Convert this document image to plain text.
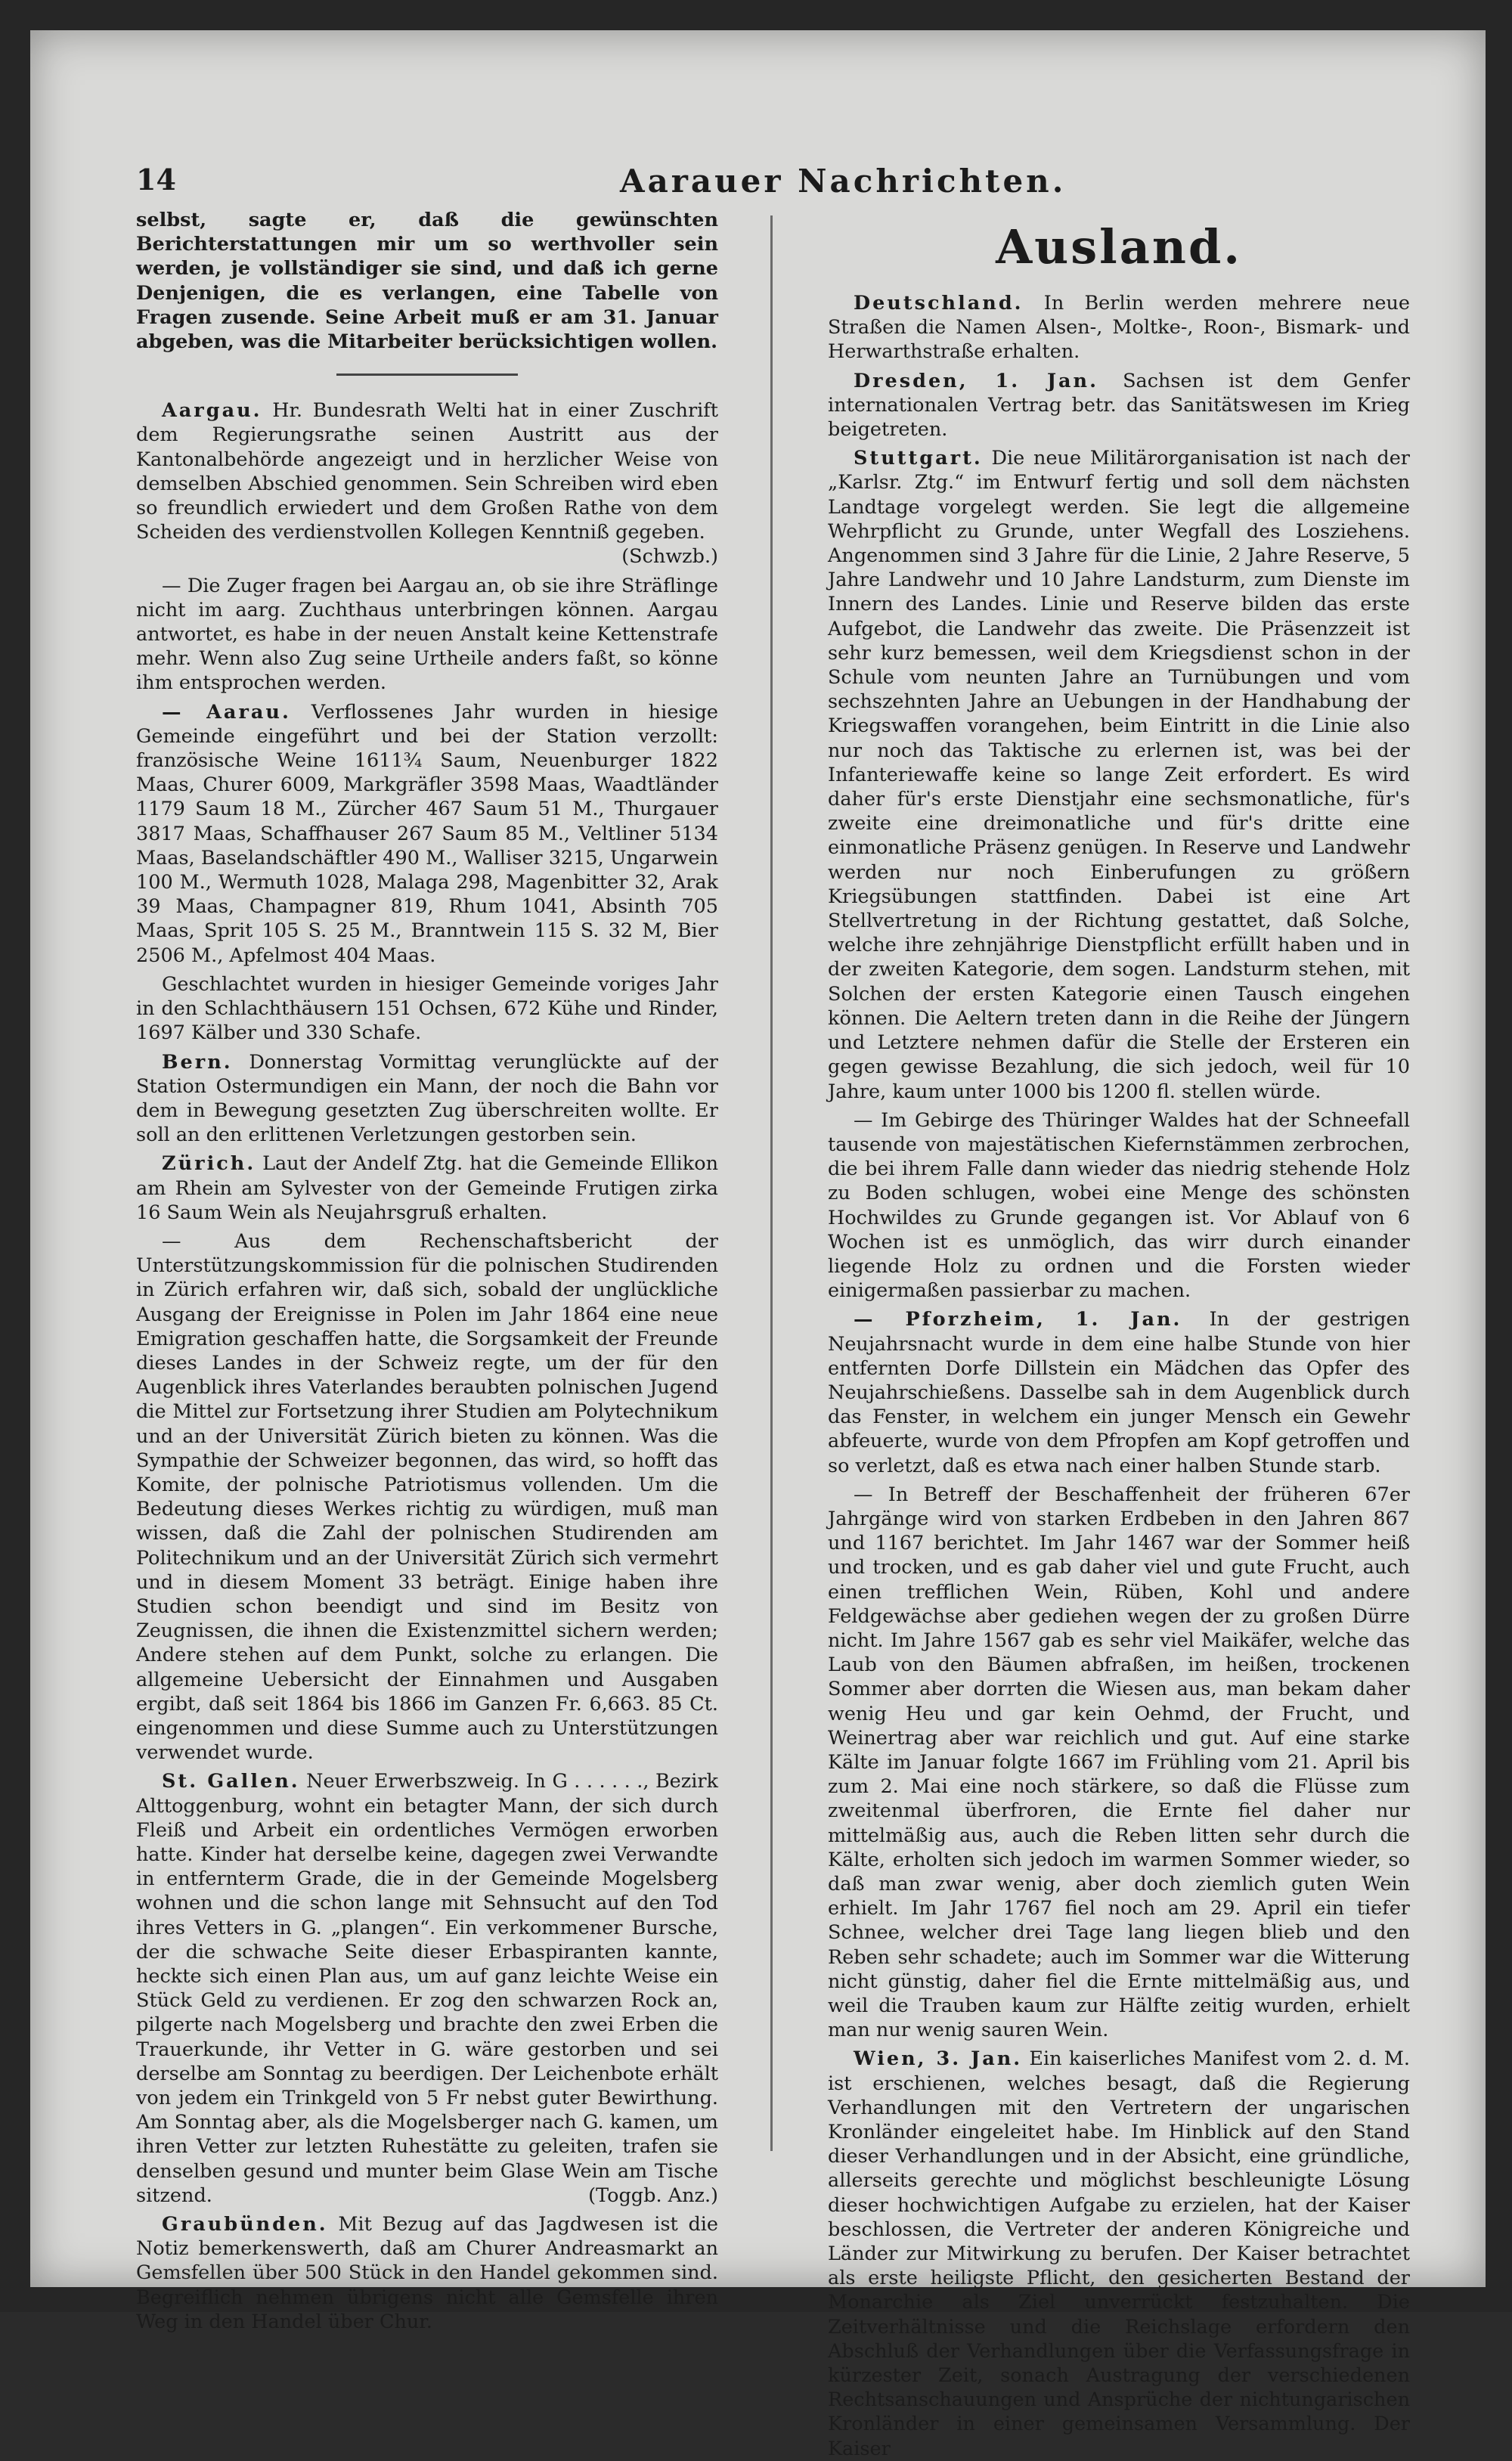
14	Aarauer Nachrichten.

selbst, sagte er, daß die gewünschten Berichterstattungen mir um so werthvoller sein werden, je vollständiger sie sind, und daß ich gerne Denjenigen, die es verlangen, eine Tabelle von Fragen zusende. Seine Arbeit muß er am 31. Januar abgeben, was die Mitarbeiter berücksichtigen wollen.

Aargau. Hr. Bundesrath Welti hat in einer Zuschrift dem Regierungsrathe seinen Austritt aus der Kantonalbehörde angezeigt und in herzlicher Weise von demselben Abschied genommen. Sein Schreiben wird eben so freundlich erwiedert und dem Großen Rathe von dem Scheiden des verdienstvollen Kollegen Kenntniß gegeben.
(Schwzb.)

— Die Zuger fragen bei Aargau an, ob sie ihre Sträflinge nicht im aarg. Zuchthaus unterbringen können. Aargau antwortet, es habe in der neuen Anstalt keine Kettenstrafe mehr. Wenn also Zug seine Urtheile anders faßt, so könne ihm entsprochen werden.

— Aarau. Verflossenes Jahr wurden in hiesige Gemeinde eingeführt und bei der Station verzollt: französische Weine 1611¾ Saum, Neuenburger 1822 Maas, Churer 6009, Markgräfler 3598 Maas, Waadtländer 1179 Saum 18 M., Zürcher 467 Saum 51 M., Thurgauer 3817 Maas, Schaffhauser 267 Saum 85 M., Veltliner 5134 Maas, Baselandschäftler 490 M., Walliser 3215, Ungarwein 100 M., Wermuth 1028, Malaga 298, Magenbitter 32, Arak 39 Maas, Champagner 819, Rhum 1041, Absinth 705 Maas, Sprit 105 S. 25 M., Branntwein 115 S. 32 M, Bier 2506 M., Apfelmost 404 Maas.

Geschlachtet wurden in hiesiger Gemeinde voriges Jahr in den Schlachthäusern 151 Ochsen, 672 Kühe und Rinder, 1697 Kälber und 330 Schafe.

Bern. Donnerstag Vormittag verunglückte auf der Station Ostermundigen ein Mann, der noch die Bahn vor dem in Bewegung gesetzten Zug überschreiten wollte. Er soll an den erlittenen Verletzungen gestorben sein.

Zürich. Laut der Andelf Ztg. hat die Gemeinde Ellikon am Rhein am Sylvester von der Gemeinde Frutigen zirka 16 Saum Wein als Neujahrsgruß erhalten.

— Aus dem Rechenschaftsbericht der Unterstützungskommission für die polnischen Studirenden in Zürich erfahren wir, daß sich, sobald der unglückliche Ausgang der Ereignisse in Polen im Jahr 1864 eine neue Emigration geschaffen hatte, die Sorgsamkeit der Freunde dieses Landes in der Schweiz regte, um der für den Augenblick ihres Vaterlandes beraubten polnischen Jugend die Mittel zur Fortsetzung ihrer Studien am Polytechnikum und an der Universität Zürich bieten zu können. Was die Sympathie der Schweizer begonnen, das wird, so hofft das Komite, der polnische Patriotismus vollenden. Um die Bedeutung dieses Werkes richtig zu würdigen, muß man wissen, daß die Zahl der polnischen Studirenden am Politechnikum und an der Universität Zürich sich vermehrt und in diesem Moment 33 beträgt. Einige haben ihre Studien schon beendigt und sind im Besitz von Zeugnissen, die ihnen die Existenzmittel sichern werden; Andere stehen auf dem Punkt, solche zu erlangen. Die allgemeine Uebersicht der Einnahmen und Ausgaben ergibt, daß seit 1864 bis 1866 im Ganzen Fr. 6,663. 85 Ct. eingenommen und diese Summe auch zu Unterstützungen verwendet wurde.

St. Gallen. Neuer Erwerbszweig. In G . . . . . ., Bezirk Alttoggenburg, wohnt ein betagter Mann, der sich durch Fleiß und Arbeit ein ordentliches Vermögen erworben hatte. Kinder hat derselbe keine, dagegen zwei Verwandte in entfernterm Grade, die in der Gemeinde Mogelsberg wohnen und die schon lange mit Sehnsucht auf den Tod ihres Vetters in G. „plangen“. Ein verkommener Bursche, der die schwache Seite dieser Erbaspiranten kannte, heckte sich einen Plan aus, um auf ganz leichte Weise ein Stück Geld zu verdienen. Er zog den schwarzen Rock an, pilgerte nach Mogelsberg und brachte den zwei Erben die Trauerkunde, ihr Vetter in G. wäre gestorben und sei derselbe am Sonntag zu beerdigen. Der Leichenbote erhält von jedem ein Trinkgeld von 5 Fr nebst guter Bewirthung. Am Sonntag aber, als die Mogelsberger nach G. kamen, um ihren Vetter zur letzten Ruhestätte zu geleiten, trafen sie denselben gesund und munter beim Glase Wein am Tische sitzend.	(Toggb. Anz.)

Graubünden. Mit Bezug auf das Jagdwesen ist die Notiz bemerkenswerth, daß am Churer Andreasmarkt an Gemsfellen über 500 Stück in den Handel gekommen sind. Begreiflich nehmen übrigens nicht alle Gemsfelle ihren Weg in den Handel über Chur.

Ausland.

Deutschland. In Berlin werden mehrere neue Straßen die Namen Alsen-, Moltke-, Roon-, Bismark- und Herwarthstraße erhalten.

Dresden, 1. Jan. Sachsen ist dem Genfer internationalen Vertrag betr. das Sanitätswesen im Krieg beigetreten.

Stuttgart. Die neue Militärorganisation ist nach der „Karlsr. Ztg.“ im Entwurf fertig und soll dem nächsten Landtage vorgelegt werden. Sie legt die allgemeine Wehrpflicht zu Grunde, unter Wegfall des Losziehens. Angenommen sind 3 Jahre für die Linie, 2 Jahre Reserve, 5 Jahre Landwehr und 10 Jahre Landsturm, zum Dienste im Innern des Landes. Linie und Reserve bilden das erste Aufgebot, die Landwehr das zweite. Die Präsenzzeit ist sehr kurz bemessen, weil dem Kriegsdienst schon in der Schule vom neunten Jahre an Turnübungen und vom sechszehnten Jahre an Uebungen in der Handhabung der Kriegswaffen vorangehen, beim Eintritt in die Linie also nur noch das Taktische zu erlernen ist, was bei der Infanteriewaffe keine so lange Zeit erfordert. Es wird daher für's erste Dienstjahr eine sechsmonatliche, für's zweite eine dreimonatliche und für's dritte eine einmonatliche Präsenz genügen. In Reserve und Landwehr werden nur noch Einberufungen zu größern Kriegsübungen stattfinden. Dabei ist eine Art Stellvertretung in der Richtung gestattet, daß Solche, welche ihre zehnjährige Dienstpflicht erfüllt haben und in der zweiten Kategorie, dem sogen. Landsturm stehen, mit Solchen der ersten Kategorie einen Tausch eingehen können. Die Aeltern treten dann in die Reihe der Jüngern und Letztere nehmen dafür die Stelle der Ersteren ein gegen gewisse Bezahlung, die sich jedoch, weil für 10 Jahre, kaum unter 1000 bis 1200 fl. stellen würde.

— Im Gebirge des Thüringer Waldes hat der Schneefall tausende von majestätischen Kiefernstämmen zerbrochen, die bei ihrem Falle dann wieder das niedrig stehende Holz zu Boden schlugen, wobei eine Menge des schönsten Hochwildes zu Grunde gegangen ist. Vor Ablauf von 6 Wochen ist es unmöglich, das wirr durch einander liegende Holz zu ordnen und die Forsten wieder einigermaßen passierbar zu machen.

— Pforzheim, 1. Jan. In der gestrigen Neujahrsnacht wurde in dem eine halbe Stunde von hier entfernten Dorfe Dillstein ein Mädchen das Opfer des Neujahrschießens. Dasselbe sah in dem Augenblick durch das Fenster, in welchem ein junger Mensch ein Gewehr abfeuerte, wurde von dem Pfropfen am Kopf getroffen und so verletzt, daß es etwa nach einer halben Stunde starb.

— In Betreff der Beschaffenheit der früheren 67er Jahrgänge wird von starken Erdbeben in den Jahren 867 und 1167 berichtet. Im Jahr 1467 war der Sommer heiß und trocken, und es gab daher viel und gute Frucht, auch einen trefflichen Wein, Rüben, Kohl und andere Feldgewächse aber gediehen wegen der zu großen Dürre nicht. Im Jahre 1567 gab es sehr viel Maikäfer, welche das Laub von den Bäumen abfraßen, im heißen, trockenen Sommer aber dorrten die Wiesen aus, man bekam daher wenig Heu und gar kein Oehmd, der Frucht, und Weinertrag aber war reichlich und gut. Auf eine starke Kälte im Januar folgte 1667 im Frühling vom 21. April bis zum 2. Mai eine noch stärkere, so daß die Flüsse zum zweitenmal überfroren, die Ernte fiel daher nur mittelmäßig aus, auch die Reben litten sehr durch die Kälte, erholten sich jedoch im warmen Sommer wieder, so daß man zwar wenig, aber doch ziemlich guten Wein erhielt. Im Jahr 1767 fiel noch am 29. April ein tiefer Schnee, welcher drei Tage lang liegen blieb und den Reben sehr schadete; auch im Sommer war die Witterung nicht günstig, daher fiel die Ernte mittelmäßig aus, und weil die Trauben kaum zur Hälfte zeitig wurden, erhielt man nur wenig sauren Wein.

Wien, 3. Jan. Ein kaiserliches Manifest vom 2. d. M. ist erschienen, welches besagt, daß die Regierung Verhandlungen mit den Vertretern der ungarischen Kronländer eingeleitet habe. Im Hinblick auf den Stand dieser Verhandlungen und in der Absicht, eine gründliche, allerseits gerechte und möglichst beschleunigte Lösung dieser hochwichtigen Aufgabe zu erzielen, hat der Kaiser beschlossen, die Vertreter der anderen Königreiche und Länder zur Mitwirkung zu berufen. Der Kaiser betrachtet als erste heiligste Pflicht, den gesicherten Bestand der Monarchie als Ziel unverrückt festzuhalten. Die Zeitverhältnisse und die Reichslage erfordern den Abschluß der Verhandlungen über die Verfassungsfrage in kürzester Zeit, sonach Austragung der verschiedenen Rechtsanschauungen und Ansprüche der nichtungarischen Kronländer in einer gemeinsamen Versammlung. Der Kaiser
